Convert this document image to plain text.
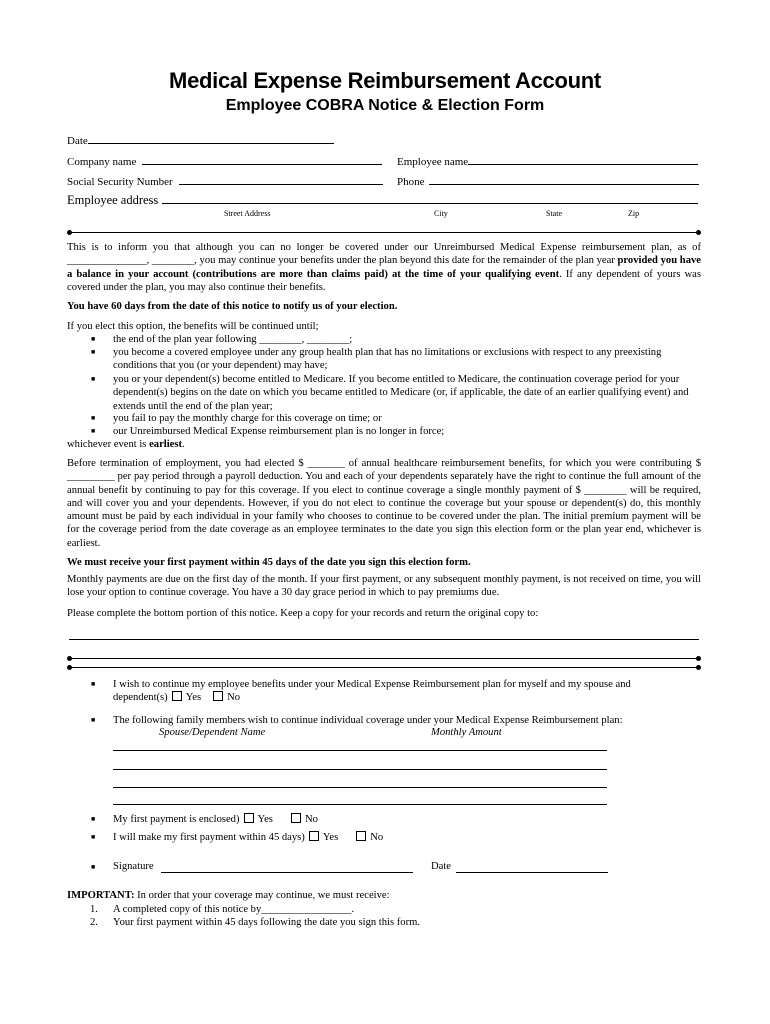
Medical Expense Reimbursement Account
Employee COBRA Notice & Election Form
Date
Company name	Employee name
Social Security Number	Phone
Employee address
Street Address	City	State	Zip
This is to inform you that although you can no longer be covered under our Unreimbursed Medical Expense reimbursement plan, as of _______________, ________, you may continue your benefits under the plan beyond this date for the remainder of the plan year provided you have a balance in your account (contributions are more than claims paid) at the time of your qualifying event. If any dependent of yours was covered under the plan, you may also continue their benefits.
You have 60 days from the date of this notice to notify us of your election.
If you elect this option, the benefits will be continued until;
■ the end of the plan year following ________, ________;
■ you become a covered employee under any group health plan that has no limitations or exclusions with respect to any preexisting conditions that you (or your dependent) may have;
■ you or your dependent(s) become entitled to Medicare. If you become entitled to Medicare, the continuation coverage period for your dependent(s) begins on the date on which you became entitled to Medicare (or, if applicable, the date of an earlier qualifying event) and extends until the end of the plan year;
■ you fail to pay the monthly charge for this coverage on time; or
■ our Unreimbursed Medical Expense reimbursement plan is no longer in force;
whichever event is earliest.
Before termination of employment, you had elected $ _______ of annual healthcare reimbursement benefits, for which you were contributing $ _________ per pay period through a payroll deduction. You and each of your dependents separately have the right to continue the full amount of the annual benefit by continuing to pay for this coverage. If you elect to continue coverage a single monthly payment of $ ________ will be required, and will cover you and your dependents. However, if you do not elect to continue the coverage but your spouse or dependent(s) do, this monthly amount must be paid by each individual in your family who chooses to continue to be covered under the plan. The initial premium payment will be for the coverage period from the date coverage as an employee terminates to the date you sign this election form or the plan year end, whichever is earliest.
We must receive your first payment within 45 days of the date you sign this election form.
Monthly payments are due on the first day of the month. If your first payment, or any subsequent monthly payment, is not received on time, you will lose your option to continue coverage. You have a 30 day grace period in which to pay premiums due.
Please complete the bottom portion of this notice. Keep a copy for your records and return the original copy to:
■ I wish to continue my employee benefits under your Medical Expense Reimbursement plan for myself and my spouse and
dependent(s) Yes No
■ The following family members wish to continue individual coverage under your Medical Expense Reimbursement plan:
Spouse/Dependent Name	Monthly Amount
■ My first payment is enclosed) Yes	No
■ I will make my first payment within 45 days) Yes	No
■ Signature	Date
IMPORTANT: In order that your coverage may continue, we must receive:
1. A completed copy of this notice by_________________.
2. Your first payment within 45 days following the date you sign this form.
